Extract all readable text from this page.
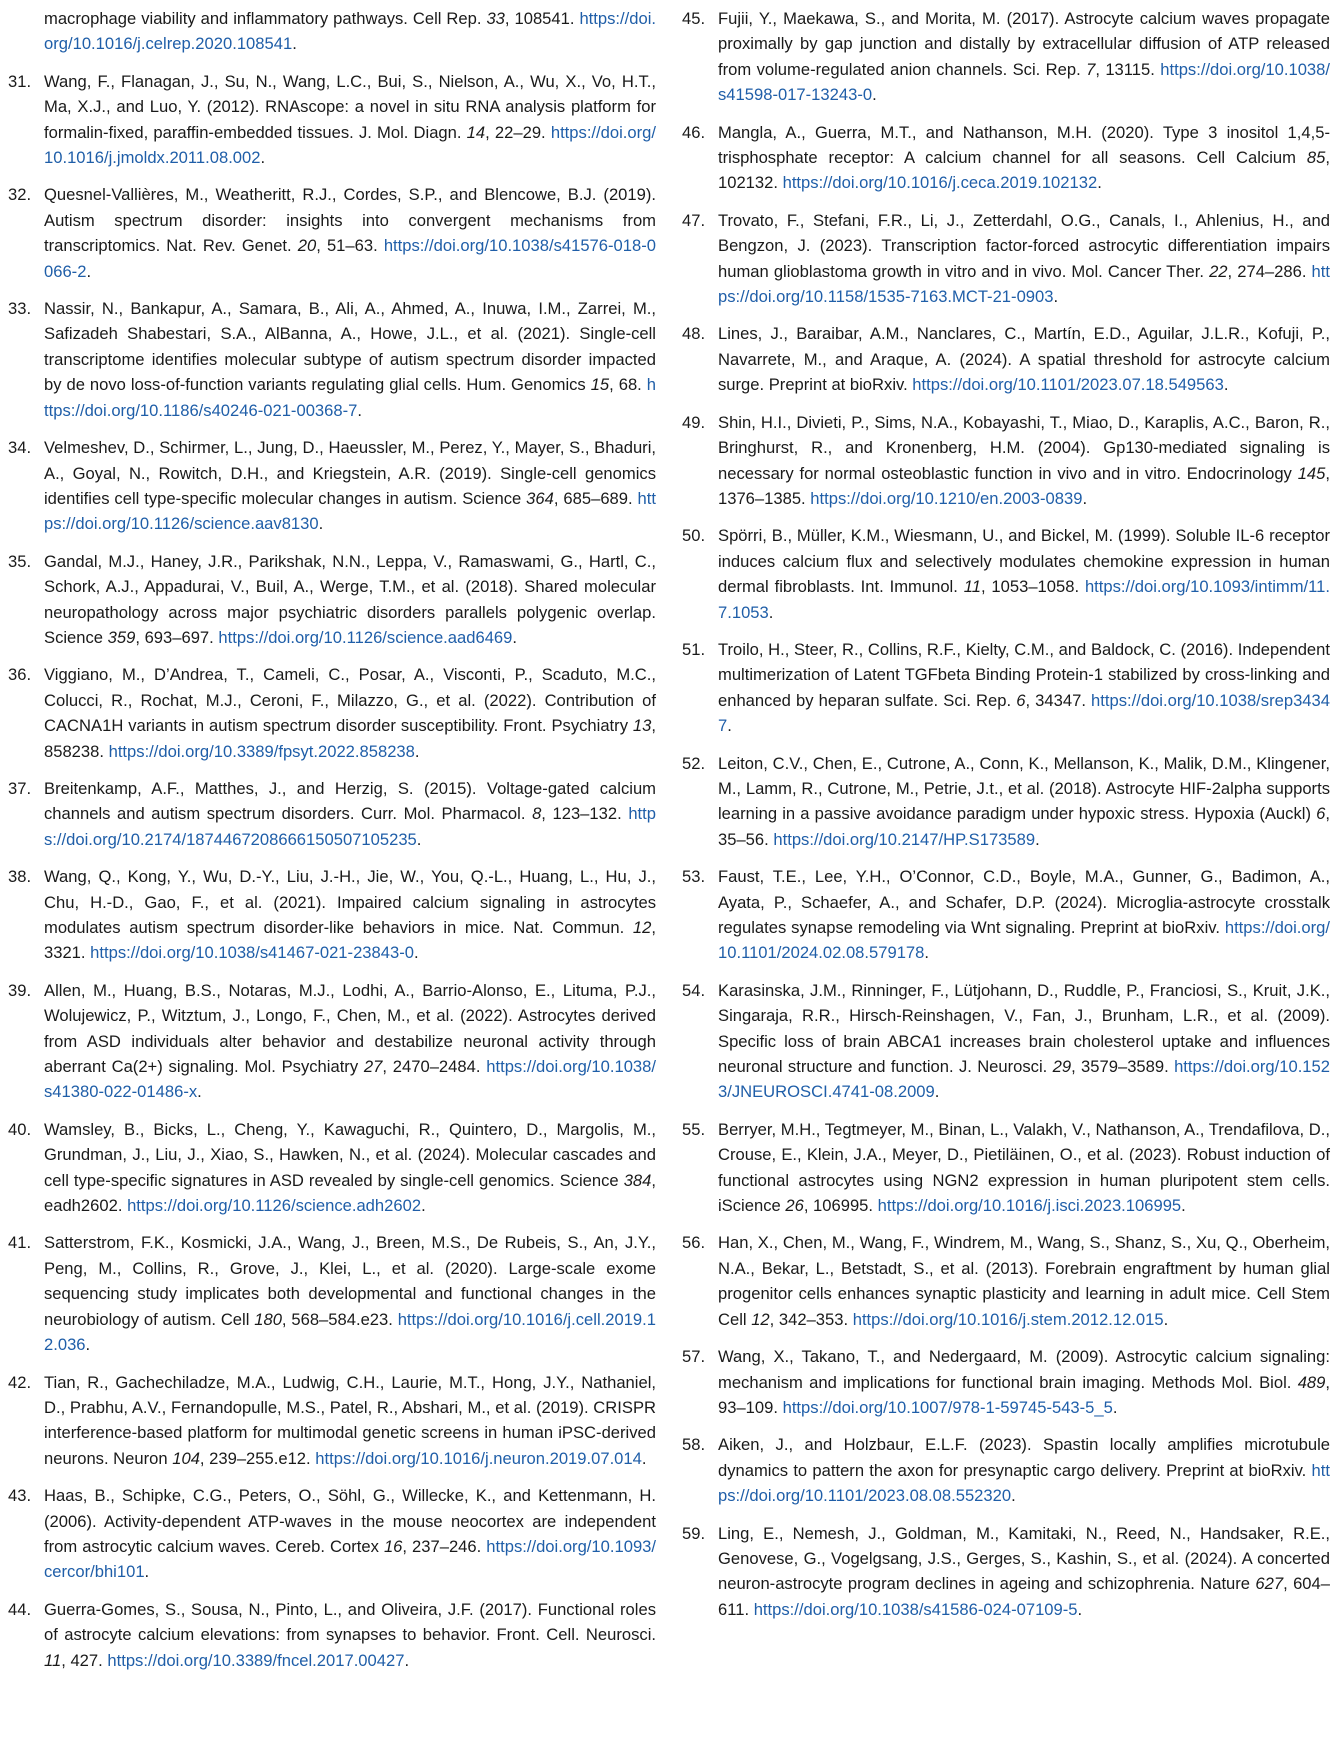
macrophage viability and inflammatory pathways. Cell Rep. 33, 108541. https://doi.org/10.1016/j.celrep.2020.108541.

31. Wang, F., Flanagan, J., Su, N., Wang, L.C., Bui, S., Nielson, A., Wu, X., Vo, H.T., Ma, X.J., and Luo, Y. (2012). RNAscope: a novel in situ RNA analysis platform for formalin-fixed, paraffin-embedded tissues. J. Mol. Diagn. 14, 22–29. https://doi.org/10.1016/j.jmoldx.2011.08.002.

32. Quesnel-Vallières, M., Weatheritt, R.J., Cordes, S.P., and Blencowe, B.J. (2019). Autism spectrum disorder: insights into convergent mechanisms from transcriptomics. Nat. Rev. Genet. 20, 51–63. https://doi.org/10.1038/s41576-018-0066-2.

33. Nassir, N., Bankapur, A., Samara, B., Ali, A., Ahmed, A., Inuwa, I.M., Zarrei, M., Safizadeh Shabestari, S.A., AlBanna, A., Howe, J.L., et al. (2021). Single-cell transcriptome identifies molecular subtype of autism spectrum disorder impacted by de novo loss-of-function variants regulating glial cells. Hum. Genomics 15, 68. https://doi.org/10.1186/s40246-021-00368-7.

34. Velmeshev, D., Schirmer, L., Jung, D., Haeussler, M., Perez, Y., Mayer, S., Bhaduri, A., Goyal, N., Rowitch, D.H., and Kriegstein, A.R. (2019). Single-cell genomics identifies cell type-specific molecular changes in autism. Science 364, 685–689. https://doi.org/10.1126/science.aav8130.

35. Gandal, M.J., Haney, J.R., Parikshak, N.N., Leppa, V., Ramaswami, G., Hartl, C., Schork, A.J., Appadurai, V., Buil, A., Werge, T.M., et al. (2018). Shared molecular neuropathology across major psychiatric disorders parallels polygenic overlap. Science 359, 693–697. https://doi.org/10.1126/science.aad6469.

36. Viggiano, M., D’Andrea, T., Cameli, C., Posar, A., Visconti, P., Scaduto, M.C., Colucci, R., Rochat, M.J., Ceroni, F., Milazzo, G., et al. (2022). Contribution of CACNA1H variants in autism spectrum disorder susceptibility. Front. Psychiatry 13, 858238. https://doi.org/10.3389/fpsyt.2022.858238.

37. Breitenkamp, A.F., Matthes, J., and Herzig, S. (2015). Voltage-gated calcium channels and autism spectrum disorders. Curr. Mol. Pharmacol. 8, 123–132. https://doi.org/10.2174/1874467208666150507105235.

38. Wang, Q., Kong, Y., Wu, D.-Y., Liu, J.-H., Jie, W., You, Q.-L., Huang, L., Hu, J., Chu, H.-D., Gao, F., et al. (2021). Impaired calcium signaling in astrocytes modulates autism spectrum disorder-like behaviors in mice. Nat. Commun. 12, 3321. https://doi.org/10.1038/s41467-021-23843-0.

39. Allen, M., Huang, B.S., Notaras, M.J., Lodhi, A., Barrio-Alonso, E., Lituma, P.J., Wolujewicz, P., Witztum, J., Longo, F., Chen, M., et al. (2022). Astrocytes derived from ASD individuals alter behavior and destabilize neuronal activity through aberrant Ca(2+) signaling. Mol. Psychiatry 27, 2470–2484. https://doi.org/10.1038/s41380-022-01486-x.

40. Wamsley, B., Bicks, L., Cheng, Y., Kawaguchi, R., Quintero, D., Margolis, M., Grundman, J., Liu, J., Xiao, S., Hawken, N., et al. (2024). Molecular cascades and cell type-specific signatures in ASD revealed by single-cell genomics. Science 384, eadh2602. https://doi.org/10.1126/science.adh2602.

41. Satterstrom, F.K., Kosmicki, J.A., Wang, J., Breen, M.S., De Rubeis, S., An, J.Y., Peng, M., Collins, R., Grove, J., Klei, L., et al. (2020). Large-scale exome sequencing study implicates both developmental and functional changes in the neurobiology of autism. Cell 180, 568–584.e23. https://doi.org/10.1016/j.cell.2019.12.036.

42. Tian, R., Gachechiladze, M.A., Ludwig, C.H., Laurie, M.T., Hong, J.Y., Nathaniel, D., Prabhu, A.V., Fernandopulle, M.S., Patel, R., Abshari, M., et al. (2019). CRISPR interference-based platform for multimodal genetic screens in human iPSC-derived neurons. Neuron 104, 239–255.e12. https://doi.org/10.1016/j.neuron.2019.07.014.

43. Haas, B., Schipke, C.G., Peters, O., Söhl, G., Willecke, K., and Kettenmann, H. (2006). Activity-dependent ATP-waves in the mouse neocortex are independent from astrocytic calcium waves. Cereb. Cortex 16, 237–246. https://doi.org/10.1093/cercor/bhi101.

44. Guerra-Gomes, S., Sousa, N., Pinto, L., and Oliveira, J.F. (2017). Functional roles of astrocyte calcium elevations: from synapses to behavior. Front. Cell. Neurosci. 11, 427. https://doi.org/10.3389/fncel.2017.00427.

45. Fujii, Y., Maekawa, S., and Morita, M. (2017). Astrocyte calcium waves propagate proximally by gap junction and distally by extracellular diffusion of ATP released from volume-regulated anion channels. Sci. Rep. 7, 13115. https://doi.org/10.1038/s41598-017-13243-0.

46. Mangla, A., Guerra, M.T., and Nathanson, M.H. (2020). Type 3 inositol 1,4,5-trisphosphate receptor: A calcium channel for all seasons. Cell Calcium 85, 102132. https://doi.org/10.1016/j.ceca.2019.102132.

47. Trovato, F., Stefani, F.R., Li, J., Zetterdahl, O.G., Canals, I., Ahlenius, H., and Bengzon, J. (2023). Transcription factor-forced astrocytic differentiation impairs human glioblastoma growth in vitro and in vivo. Mol. Cancer Ther. 22, 274–286. https://doi.org/10.1158/1535-7163.MCT-21-0903.

48. Lines, J., Baraibar, A.M., Nanclares, C., Martín, E.D., Aguilar, J.L.R., Kofuji, P., Navarrete, M., and Araque, A. (2024). A spatial threshold for astrocyte calcium surge. Preprint at bioRxiv. https://doi.org/10.1101/2023.07.18.549563.

49. Shin, H.I., Divieti, P., Sims, N.A., Kobayashi, T., Miao, D., Karaplis, A.C., Baron, R., Bringhurst, R., and Kronenberg, H.M. (2004). Gp130-mediated signaling is necessary for normal osteoblastic function in vivo and in vitro. Endocrinology 145, 1376–1385. https://doi.org/10.1210/en.2003-0839.

50. Spörri, B., Müller, K.M., Wiesmann, U., and Bickel, M. (1999). Soluble IL-6 receptor induces calcium flux and selectively modulates chemokine expression in human dermal fibroblasts. Int. Immunol. 11, 1053–1058. https://doi.org/10.1093/intimm/11.7.1053.

51. Troilo, H., Steer, R., Collins, R.F., Kielty, C.M., and Baldock, C. (2016). Independent multimerization of Latent TGFbeta Binding Protein-1 stabilized by cross-linking and enhanced by heparan sulfate. Sci. Rep. 6, 34347. https://doi.org/10.1038/srep34347.

52. Leiton, C.V., Chen, E., Cutrone, A., Conn, K., Mellanson, K., Malik, D.M., Klingener, M., Lamm, R., Cutrone, M., Petrie, J.t., et al. (2018). Astrocyte HIF-2alpha supports learning in a passive avoidance paradigm under hypoxic stress. Hypoxia (Auckl) 6, 35–56. https://doi.org/10.2147/HP.S173589.

53. Faust, T.E., Lee, Y.H., O’Connor, C.D., Boyle, M.A., Gunner, G., Badimon, A., Ayata, P., Schaefer, A., and Schafer, D.P. (2024). Microglia-astrocyte crosstalk regulates synapse remodeling via Wnt signaling. Preprint at bioRxiv. https://doi.org/10.1101/2024.02.08.579178.

54. Karasinska, J.M., Rinninger, F., Lütjohann, D., Ruddle, P., Franciosi, S., Kruit, J.K., Singaraja, R.R., Hirsch-Reinshagen, V., Fan, J., Brunham, L.R., et al. (2009). Specific loss of brain ABCA1 increases brain cholesterol uptake and influences neuronal structure and function. J. Neurosci. 29, 3579–3589. https://doi.org/10.1523/JNEUROSCI.4741-08.2009.

55. Berryer, M.H., Tegtmeyer, M., Binan, L., Valakh, V., Nathanson, A., Trendafilova, D., Crouse, E., Klein, J.A., Meyer, D., Pietiläinen, O., et al. (2023). Robust induction of functional astrocytes using NGN2 expression in human pluripotent stem cells. iScience 26, 106995. https://doi.org/10.1016/j.isci.2023.106995.

56. Han, X., Chen, M., Wang, F., Windrem, M., Wang, S., Shanz, S., Xu, Q., Oberheim, N.A., Bekar, L., Betstadt, S., et al. (2013). Forebrain engraftment by human glial progenitor cells enhances synaptic plasticity and learning in adult mice. Cell Stem Cell 12, 342–353. https://doi.org/10.1016/j.stem.2012.12.015.

57. Wang, X., Takano, T., and Nedergaard, M. (2009). Astrocytic calcium signaling: mechanism and implications for functional brain imaging. Methods Mol. Biol. 489, 93–109. https://doi.org/10.1007/978-1-59745-543-5_5.

58. Aiken, J., and Holzbaur, E.L.F. (2023). Spastin locally amplifies microtubule dynamics to pattern the axon for presynaptic cargo delivery. Preprint at bioRxiv. https://doi.org/10.1101/2023.08.08.552320.

59. Ling, E., Nemesh, J., Goldman, M., Kamitaki, N., Reed, N., Handsaker, R.E., Genovese, G., Vogelgsang, J.S., Gerges, S., Kashin, S., et al. (2024). A concerted neuron-astrocyte program declines in ageing and schizophrenia. Nature 627, 604–611. https://doi.org/10.1038/s41586-024-07109-5.
